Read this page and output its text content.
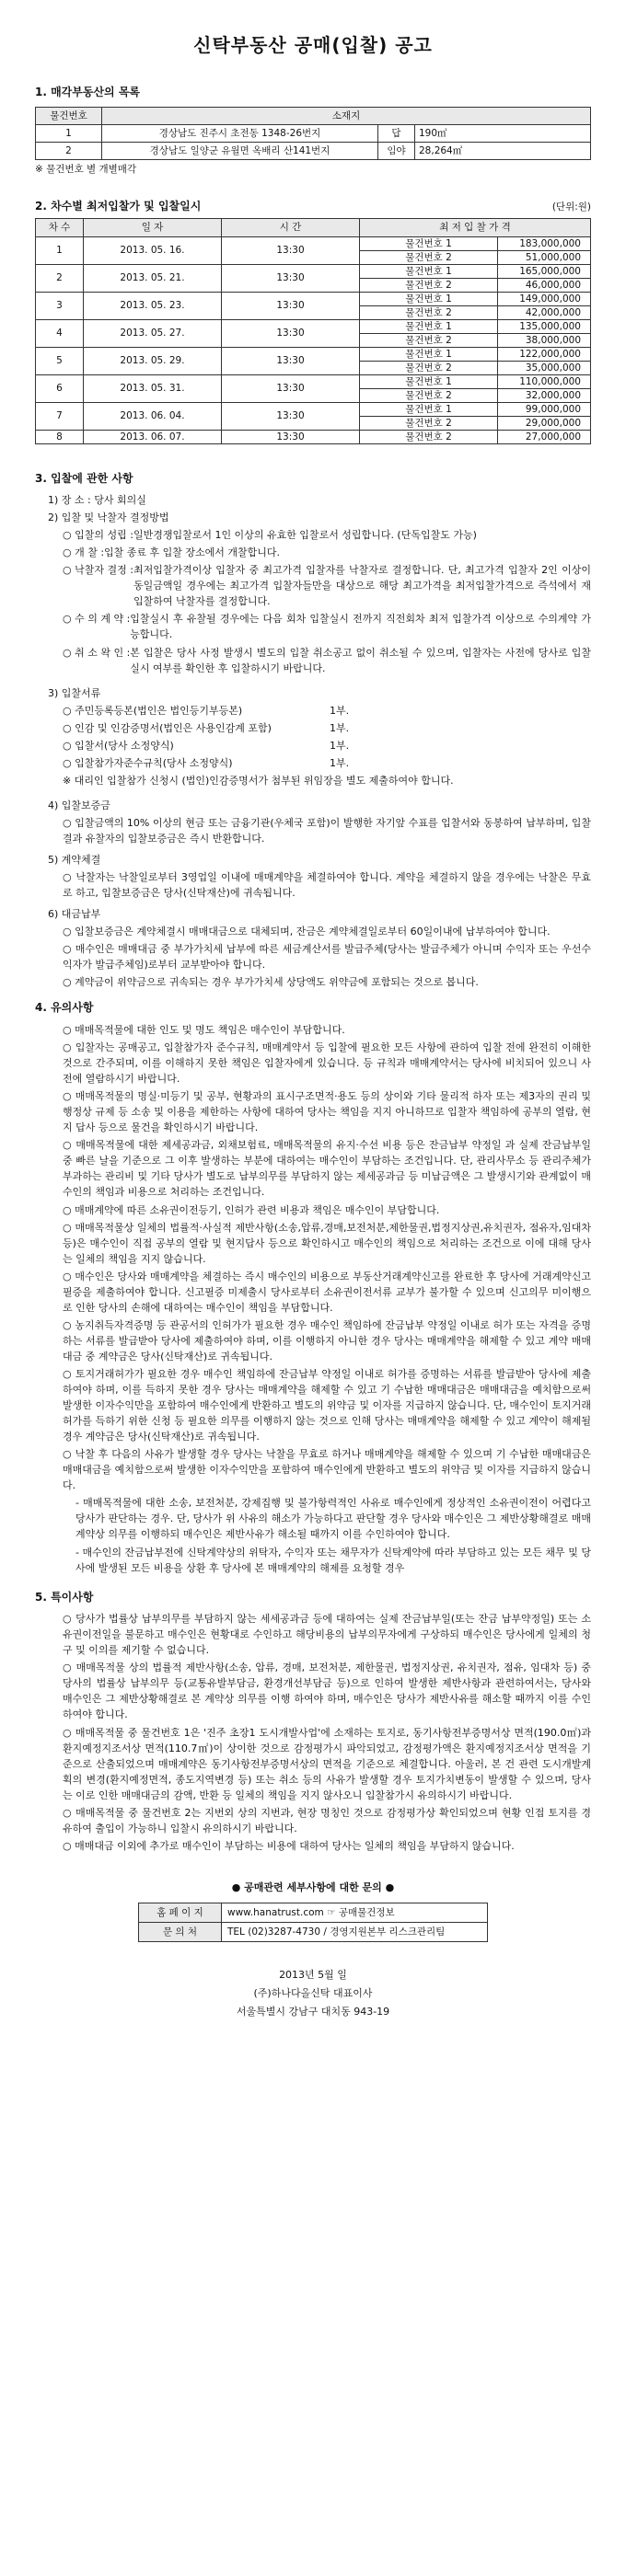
신탁부동산 공매(입찰) 공고
1. 매각부동산의 목록
물건번호	소재지		
1	경상남도 진주시 초전동 1348-26번지	답	190㎡
2	경상남도 일양군 유월면 옥배리 산141번지	임야	28,264㎡
※ 물건번호 별 개별매각
2. 차수별 최저입찰가 및 입찰일시	(단위:원)
차 수	일 자	시 간	최 저 입 찰 가 격	
1	2013. 05. 16.	13:30	물건번호 1	183,000,000
			물건번호 2	51,000,000
2	2013. 05. 21.	13:30	물건번호 1	165,000,000
			물건번호 2	46,000,000
3	2013. 05. 23.	13:30	물건번호 1	149,000,000
			물건번호 2	42,000,000
4	2013. 05. 27.	13:30	물건번호 1	135,000,000
			물건번호 2	38,000,000
5	2013. 05. 29.	13:30	물건번호 1	122,000,000
			물건번호 2	35,000,000
6	2013. 05. 31.	13:30	물건번호 1	110,000,000
			물건번호 2	32,000,000
7	2013. 06. 04.	13:30	물건번호 1	99,000,000
			물건번호 2	29,000,000
8	2013. 06. 07.	13:30	물건번호 2	27,000,000
3. 입찰에 관한 사항
1) 장 소 : 당사 회의실
2) 입찰 및 낙찰자 결정방법
○ 입찰의 성립 : 일반경쟁입찰로서 1인 이상의 유효한 입찰로서 성립합니다. (단독입찰도 가능)
○ 개 찰 : 입찰 종료 후 입찰 장소에서 개찰합니다.
○ 낙찰자 결정 : 최저입찰가격이상 입찰자 중 최고가격 입찰자를 낙찰자로 결정합니다. 단, 최고가격 입찰자 2인 이상이 동일금액일 경우에는 최고가격 입찰자들만을 대상으로 해당 최고가격을 최저입찰가격으로 즉석에서 재입찰하여 낙찰자를 결정합니다.
○ 수 의 계 약 : 입찰실시 후 유찰될 경우에는 다음 회차 입찰실시 전까지 직전회차 최저 입찰가격 이상으로 수의계약 가능합니다.
○ 취 소 왁 인 : 본 입찰은 당사 사정 발생시 별도의 입찰 취소공고 없이 취소될 수 있으며, 입찰자는 사전에 당사로 입찰 실시 여부를 확인한 후 입찰하시기 바랍니다.
3) 입찰서류
○ 주민등록등본(법인은 법인등기부등본)	1부.
○ 인감 및 인감증명서(법인은 사용인감계 포함)	1부.
○ 입찰서(당사 소정양식)	1부.
○ 입찰참가자준수규칙(당사 소정양식)	1부.
※ 대리인 입찰참가 신청시 (법인)인감증명서가 첨부된 위임장을 별도 제출하여야 합니다.
4) 입찰보증금
○ 입찰금액의 10% 이상의 현금 또는 금융기관(우체국 포함)이 발행한 자기앞 수표를 입찰서와 동봉하여 납부하며, 입찰결과 유찰자의 입찰보증금은 즉시 반환합니다.
5) 계약체결
○ 낙찰자는 낙찰일로부터 3영업일 이내에 매매계약을 체결하여야 합니다. 계약을 체결하지 않을 경우에는 낙찰은 무효로 하고, 입찰보증금은 당사(신탁재산)에 귀속됩니다.
6) 대금납부
○ 입찰보증금은 계약체결시 매매대금으로 대체되며, 잔금은 계약체결일로부터 60일이내에 납부하여야 합니다.
○ 매수인은 매매대금 중 부가가치세 납부에 따른 세금계산서를 발급주체(당사는 발급주체가 아니며 수익자 또는 우선수익자가 발급주체임)로부터 교부받아야 합니다.
○ 계약금이 위약금으로 귀속되는 경우 부가가치세 상당액도 위약금에 포함되는 것으로 봅니다.
4. 유의사항
○ 매매목적물에 대한 인도 및 명도 책임은 매수인이 부담합니다.
○ 입찰자는 공매공고, 입찰참가자 준수규칙, 매매계약서 등 입찰에 필요한 모든 사항에 관하여 입찰 전에 완전히 이해한 것으로 간주되며, 이를 이해하지 못한 책임은 입찰자에게 있습니다. 등 규칙과 매매계약서는 당사에 비치되어 있으니 사전에 열람하시기 바랍니다.
○ 매매목적물의 명실·미등기 및 공부, 현황과의 표시구조면적·용도 등의 상이와 기타 물리적 하자 또는 제3자의 권리 및 행정상 규제 등 소송 및 이용을 제한하는 사항에 대하여 당사는 책임을 지지 아니하므로 입찰자 책임하에 공부의 열람, 현지 답사 등으로 물건을 확인하시기 바랍니다.
○ 매매목적물에 대한 제세공과금, 외채보험료, 매매목적물의 유지·수선 비용 등은 잔금납부 약정일 과 실제 잔금납부일 중 빠른 날을 기준으로 그 이후 발생하는 부분에 대하여는 매수인이 부담하는 조건입니다. 단, 관리사무소 등 관리주체가 부과하는 관리비 및 기타 당사가 별도로 납부의무를 부담하지 않는 제세공과금 등 미납금액은 그 발생시기와 관계없이 매수인의 책임과 비용으로 처리하는 조건입니다.
○ 매매계약에 따른 소유권이전등기, 인허가 관련 비용과 책임은 매수인이 부담합니다.
○ 매매목적물상 일체의 법률적·사실적 제반사항(소송,압류,경매,보전처분,제한물권,법정지상권,유치권자, 점유자,임대차 등)은 매수인이 직접 공부의 열람 및 현지답사 등으로 확인하시고 매수인의 책임으로 처리하는 조건으로 이에 대해 당사는 일체의 책임을 지지 않습니다.
○ 매수인은 당사와 매매계약을 체결하는 즉시 매수인의 비용으로 부동산거래계약신고를 완료한 후 당사에 거래계약신고필증을 제출하여야 합니다. 신고필증 미제출시 당사로부터 소유권이전서류 교부가 불가할 수 있으며 신고의무 미이행으로 인한 당사의 손해에 대하여는 매수인이 책임을 부담합니다.
○ 농지취득자격증명 등 관공서의 인허가가 필요한 경우 매수인 책임하에 잔금납부 약정일 이내로 허가 또는 자격을 증명하는 서류를 발급받아 당사에 제출하여야 하며, 이를 이행하지 아니한 경우 당사는 매매계약을 해제할 수 있고 계약 매매대금 중 계약금은 당사(신탁재산)로 귀속됩니다.
○ 토지거래허가가 필요한 경우 매수인 책임하에 잔금납부 약정일 이내로 허가를 증명하는 서류를 발급받아 당사에 제출하여야 하며, 이를 득하지 못한 경우 당사는 매매계약을 해제할 수 있고 기 수납한 매매대금은 매매대금을 예치함으로써 발생한 이자수익만을 포함하여 매수인에게 반환하고 별도의 위약금 및 이자를 지급하지 않습니다. 단, 매수인이 토지거래허가를 득하기 위한 신청 등 필요한 의무를 이행하지 않는 것으로 인해 당사는 매매계약을 해제할 수 있고 계약이 해제될 경우 계약금은 당사(신탁재산)로 귀속됩니다.
○ 낙찰 후 다음의 사유가 발생할 경우 당사는 낙찰을 무효로 하거나 매매계약을 해제할 수 있으며 기 수납한 매매대금은 매매대금을 예치함으로써 발생한 이자수익만을 포함하여 매수인에게 반환하고 별도의 위약금 및 이자를 지급하지 않습니다.
- 매매목적물에 대한 소송, 보전처분, 강제집행 및 불가항력적인 사유로 매수인에게 정상적인 소유권이전이 어렵다고 당사가 판단하는 경우. 단, 당사가 위 사유의 해소가 가능하다고 판단할 경우 당사와 매수인은 그 제반상황해결로 매매계약상 의무를 이행하되 매수인은 제반사유가 해소될 때까지 이를 수인하여야 합니다.
- 매수인의 잔금납부전에 신탁계약상의 위탁자, 수익자 또는 채무자가 신탁계약에 따라 부담하고 있는 모든 채무 및 당사에 발생된 모든 비용을 상환 후 당사에 본 매매계약의 해제를 요청할 경우
5. 특이사항
○ 당사가 법률상 납부의무를 부담하지 않는 세세공과금 등에 대하여는 실제 잔금납부일(또는 잔금 납부약정일) 또는 소유권이전일을 불문하고 매수인은 현황대로 수인하고 해당비용의 납부의무자에게 구상하되 매수인은 당사에게 일체의 청구 및 이의를 제기할 수 없습니다.
○ 매매목적물 상의 법률적 제반사항(소송, 압류, 경매, 보전처분, 제한물권, 법정지상권, 유치권자, 점유, 임대차 등) 중 당사의 법률상 납부의무 등(교통유발부담금, 환경개선부담금 등)으로 인하여 발생한 제반사항과 관련하여서는, 당사와 매수인은 그 제반상황해결로 본 계약상 의무를 이행 하여야 하며, 매수인은 당사가 제반사유를 해소할 때까지 이를 수인하여야 합니다.
○ 매매목적물 중 물건번호 1은 '진주 초장1 도시개발사업'에 소재하는 토지로, 동기사항전부증명서상 면적(190.0㎡)과 환지예정지조서상 면적(110.7㎡)이 상이한 것으로 감정평가시 파악되었고, 감정평가액은 환지예정지조서상 면적을 기준으로 산출되었으며 매매계약은 동기사항전부증명서상의 면적을 기준으로 체결합니다. 아울러, 본 건 관련 도시개발계획의 변경(환지예정면적, 종도지역변경 등) 또는 취소 등의 사유가 발생할 경우 토지가치변동이 발생할 수 있으며, 당사는 이로 인한 매매대금의 감액, 반환 등 일체의 책임을 지지 않사오니 입찰참가시 유의하시기 바랍니다.
○ 매매목적물 중 물건번호 2는 지번외 상의 지번과, 현장 명칭인 것으로 감정평가상 확인되었으며 현황 인접 토지를 경유하여 출입이 가능하니 입찰시 유의하시기 바랍니다.
○ 매매대금 이외에 추가로 매수인이 부담하는 비용에 대하여 당사는 일체의 책임을 부담하지 않습니다.
● 공매관련 세부사항에 대한 문의 ●
홈 페 이 지	www.hanatrust.com ☞ 공매물건정보
문 의 처	TEL (02)3287-4730 / 경영지원본부 리스크관리팀
2013년 5월 일
(주)하나다올신탁 대표이사
서울특별시 강남구 대치동 943-19
